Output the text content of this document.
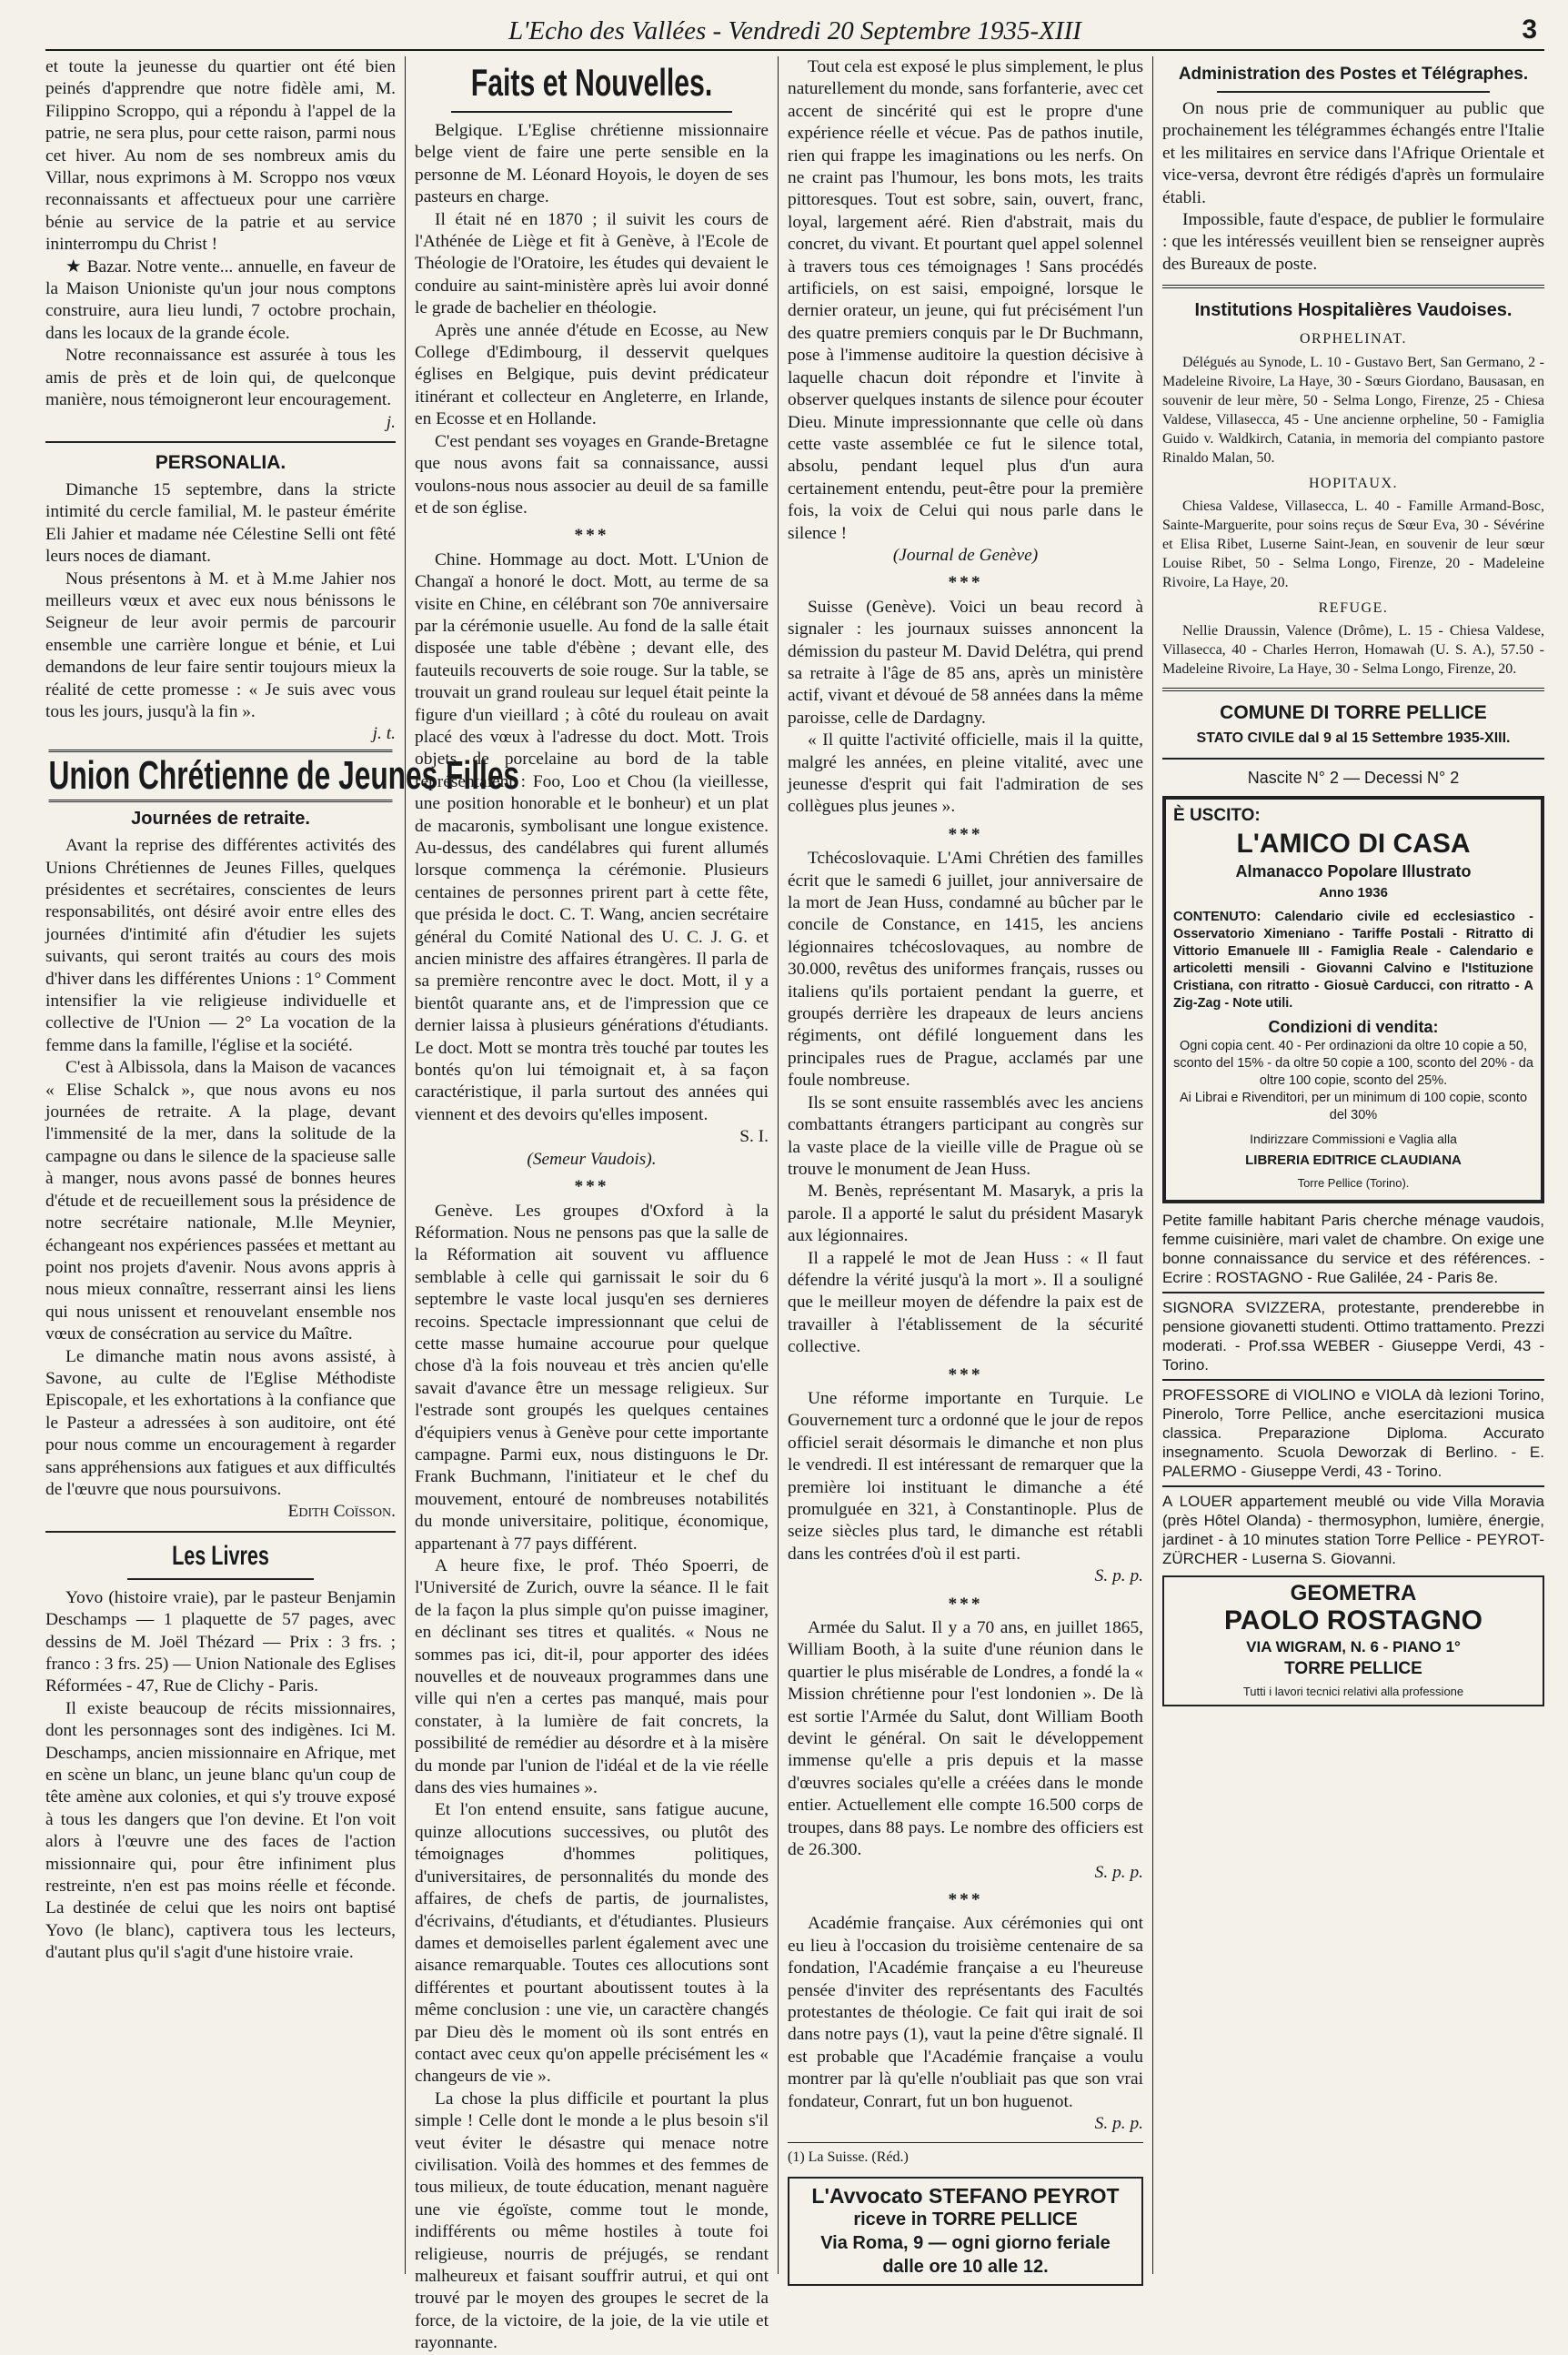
L'Echo des Vallées - Vendredi 20 Septembre 1935-XIII	3

et toute la jeunesse du quartier ont été bien peinés d'apprendre que notre fidèle ami, M. Filippino Scroppo, qui a répondu à l'appel de la patrie, ne sera plus, pour cette raison, parmi nous cet hiver. Au nom de ses nombreux amis du Villar, nous exprimons à M. Scroppo nos vœux reconnaissants et affectueux pour une carrière bénie au service de la patrie et au service ininterrompu du Christ !

★ Bazar. Notre vente... annuelle, en faveur de la Maison Unioniste qu'un jour nous comptons construire, aura lieu lundi, 7 octobre prochain, dans les locaux de la grande école.

Notre reconnaissance est assurée à tous les amis de près et de loin qui, de quelconque manière, nous témoigneront leur encouragement.

j.
PERSONALIA.

Dimanche 15 septembre, dans la stricte intimité du cercle familial, M. le pasteur émérite Eli Jahier et madame née Célestine Selli ont fêté leurs noces de diamant.

Nous présentons à M. et à M.me Jahier nos meilleurs vœux et avec eux nous bénissons le Seigneur de leur avoir permis de parcourir ensemble une carrière longue et bénie, et Lui demandons de leur faire sentir toujours mieux la réalité de cette promesse : « Je suis avec vous tous les jours, jusqu'à la fin ».

j. t.
Union Chrétienne de Jeunes Filles
Journées de retraite.

Avant la reprise des différentes activités des Unions Chrétiennes de Jeunes Filles, quelques présidentes et secrétaires, conscientes de leurs responsabilités, ont désiré avoir entre elles des journées d'intimité afin d'étudier les sujets suivants, qui seront traités au cours des mois d'hiver dans les différentes Unions : 1° Comment intensifier la vie religieuse individuelle et collective de l'Union — 2° La vocation de la femme dans la famille, l'église et la société.

C'est à Albissola, dans la Maison de vacances « Elise Schalck », que nous avons eu nos journées de retraite. A la plage, devant l'immensité de la mer, dans la solitude de la campagne ou dans le silence de la spacieuse salle à manger, nous avons passé de bonnes heures d'étude et de recueillement sous la présidence de notre secrétaire nationale, M.lle Meynier, échangeant nos expériences passées et mettant au point nos projets d'avenir. Nous avons appris à nous mieux connaître, resserrant ainsi les liens qui nous unissent et renouvelant ensemble nos vœux de consécration au service du Maître.

Le dimanche matin nous avons assisté, à Savone, au culte de l'Eglise Méthodiste Episcopale, et les exhortations à la confiance que le Pasteur a adressées à son auditoire, ont été pour nous comme un encouragement à regarder sans appréhensions aux fatigues et aux difficultés de l'œuvre que nous poursuivons.

Edith Coïsson.
Les Livres

Yovo (histoire vraie), par le pasteur Benjamin Deschamps — 1 plaquette de 57 pages, avec dessins de M. Joël Thézard — Prix : 3 frs. ; franco : 3 frs. 25) — Union Nationale des Eglises Réformées - 47, Rue de Clichy - Paris.

Il existe beaucoup de récits missionnaires, dont les personnages sont des indigènes. Ici M. Deschamps, ancien missionnaire en Afrique, met en scène un blanc, un jeune blanc qu'un coup de tête amène aux colonies, et qui s'y trouve exposé à tous les dangers que l'on devine. Et l'on voit alors à l'œuvre une des faces de l'action missionnaire qui, pour être infiniment plus restreinte, n'en est pas moins réelle et féconde. La destinée de celui que les noirs ont baptisé Yovo (le blanc), captivera tous les lecteurs, d'autant plus qu'il s'agit d'une histoire vraie.

Faits et Nouvelles.

Belgique. L'Eglise chrétienne missionnaire belge vient de faire une perte sensible en la personne de M. Léonard Hoyois, le doyen de ses pasteurs en charge.

Il était né en 1870 ; il suivit les cours de l'Athénée de Liège et fit à Genève, à l'Ecole de Théologie de l'Oratoire, les études qui devaient le conduire au saint-ministère après lui avoir donné le grade de bachelier en théologie.

Après une année d'étude en Ecosse, au New College d'Edimbourg, il desservit quelques églises en Belgique, puis devint prédicateur itinérant et collecteur en Angleterre, en Irlande, en Ecosse et en Hollande.

C'est pendant ses voyages en Grande-Bretagne que nous avons fait sa connaissance, aussi voulons-nous nous associer au deuil de sa famille et de son église.

***

Chine. Hommage au doct. Mott. L'Union de Changaï a honoré le doct. Mott, au terme de sa visite en Chine, en célébrant son 70e anniversaire par la cérémonie usuelle. Au fond de la salle était disposée une table d'ébène ; devant elle, des fauteuils recouverts de soie rouge. Sur la table, se trouvait un grand rouleau sur lequel était peinte la figure d'un vieillard ; à côté du rouleau on avait placé des vœux à l'adresse du doct. Mott. Trois objets de porcelaine au bord de la table représentaient : Foo, Loo et Chou (la vieillesse, une position honorable et le bonheur) et un plat de macaronis, symbolisant une longue existence. Au-dessus, des candélabres qui furent allumés lorsque commença la cérémonie. Plusieurs centaines de personnes prirent part à cette fête, que présida le doct. C. T. Wang, ancien secrétaire général du Comité National des U. C. J. G. et ancien ministre des affaires étrangères. Il parla de sa première rencontre avec le doct. Mott, il y a bientôt quarante ans, et de l'impression que ce dernier laissa à plusieurs générations d'étudiants. Le doct. Mott se montra très touché par toutes les bontés qu'on lui témoignait et, à sa façon caractéristique, il parla surtout des années qui viennent et des devoirs qu'elles imposent.

S. I.
(Semeur Vaudois).
***

Genève. Les groupes d'Oxford à la Réformation. Nous ne pensons pas que la salle de la Réformation ait souvent vu affluence semblable à celle qui garnissait le soir du 6 septembre le vaste local jusqu'en ses dernieres recoins. Spectacle impressionnant que celui de cette masse humaine accourue pour quelque chose d'à la fois nouveau et très ancien qu'elle savait d'avance être un message religieux. Sur l'estrade sont groupés les quelques centaines d'équipiers venus à Genève pour cette importante campagne. Parmi eux, nous distinguons le Dr. Frank Buchmann, l'initiateur et le chef du mouvement, entouré de nombreuses notabilités du monde universitaire, politique, économique, appartenant à 77 pays différent.

A heure fixe, le prof. Théo Spoerri, de l'Université de Zurich, ouvre la séance. Il le fait de la façon la plus simple qu'on puisse imaginer, en déclinant ses titres et qualités. « Nous ne sommes pas ici, dit-il, pour apporter des idées nouvelles et de nouveaux programmes dans une ville qui n'en a certes pas manqué, mais pour constater, à la lumière de fait concrets, la possibilité de remédier au désordre et à la misère du monde par l'union de l'idéal et de la vie réelle dans des vies humaines ».

Et l'on entend ensuite, sans fatigue aucune, quinze allocutions successives, ou plutôt des témoignages d'hommes politiques, d'universitaires, de personnalités du monde des affaires, de chefs de partis, de journalistes, d'écrivains, d'étudiants, et d'étudiantes. Plusieurs dames et demoiselles parlent également avec une aisance remarquable. Toutes ces allocutions sont différentes et pourtant aboutissent toutes à la même conclusion : une vie, un caractère changés par Dieu dès le moment où ils sont entrés en contact avec ceux qu'on appelle précisément les « changeurs de vie ».

La chose la plus difficile et pourtant la plus simple ! Celle dont le monde a le plus besoin s'il veut éviter le désastre qui menace notre civilisation. Voilà des hommes et des femmes de tous milieux, de toute éducation, menant naguère une vie égoïste, comme tout le monde, indifférents ou même hostiles à toute foi religieuse, nourris de préjugés, se rendant malheureux et faisant souffrir autrui, et qui ont trouvé par le moyen des groupes le secret de la force, de la victoire, de la joie, de la vie utile et rayonnante.

Tout cela est exposé le plus simplement, le plus naturellement du monde, sans forfanterie, avec cet accent de sincérité qui est le propre d'une expérience réelle et vécue. Pas de pathos inutile, rien qui frappe les imaginations ou les nerfs. On ne craint pas l'humour, les bons mots, les traits pittoresques. Tout est sobre, sain, ouvert, franc, loyal, largement aéré. Rien d'abstrait, mais du concret, du vivant. Et pourtant quel appel solennel à travers tous ces témoignages ! Sans procédés artificiels, on est saisi, empoigné, lorsque le dernier orateur, un jeune, qui fut précisément l'un des quatre premiers conquis par le Dr Buchmann, pose à l'immense auditoire la question décisive à laquelle chacun doit répondre et l'invite à observer quelques instants de silence pour écouter Dieu. Minute impressionnante que celle où dans cette vaste assemblée ce fut le silence total, absolu, pendant lequel plus d'un aura certainement entendu, peut-être pour la première fois, la voix de Celui qui nous parle dans le silence !

(Journal de Genève)
***

Suisse (Genève). Voici un beau record à signaler : les journaux suisses annoncent la démission du pasteur M. David Delétra, qui prend sa retraite à l'âge de 85 ans, après un ministère actif, vivant et dévoué de 58 années dans la même paroisse, celle de Dardagny.

« Il quitte l'activité officielle, mais il la quitte, malgré les années, en pleine vitalité, avec une jeunesse d'esprit qui fait l'admiration de ses collègues plus jeunes ».

***

Tchécoslovaquie. L'Ami Chrétien des familles écrit que le samedi 6 juillet, jour anniversaire de la mort de Jean Huss, condamné au bûcher par le concile de Constance, en 1415, les anciens légionnaires tchécoslovaques, au nombre de 30.000, revêtus des uniformes français, russes ou italiens qu'ils portaient pendant la guerre, et groupés derrière les drapeaux de leurs anciens régiments, ont défilé longuement dans les principales rues de Prague, acclamés par une foule nombreuse.

Ils se sont ensuite rassemblés avec les anciens combattants étrangers participant au congrès sur la vaste place de la vieille ville de Prague où se trouve le monument de Jean Huss.

M. Benès, représentant M. Masaryk, a pris la parole. Il a apporté le salut du président Masaryk aux légionnaires.

Il a rappelé le mot de Jean Huss : « Il faut défendre la vérité jusqu'à la mort ». Il a souligné que le meilleur moyen de défendre la paix est de travailler à l'établissement de la sécurité collective.

***

Une réforme importante en Turquie. Le Gouvernement turc a ordonné que le jour de repos officiel serait désormais le dimanche et non plus le vendredi. Il est intéressant de remarquer que la première loi instituant le dimanche a été promulguée en 321, à Constantinople. Plus de seize siècles plus tard, le dimanche est rétabli dans les contrées d'où il est parti.

S. p. p.
***

Armée du Salut. Il y a 70 ans, en juillet 1865, William Booth, à la suite d'une réunion dans le quartier le plus misérable de Londres, a fondé la « Mission chrétienne pour l'est londonien ». De là est sortie l'Armée du Salut, dont William Booth devint le général. On sait le développement immense qu'elle a pris depuis et la masse d'œuvres sociales qu'elle a créées dans le monde entier. Actuellement elle compte 16.500 corps de troupes, dans 88 pays. Le nombre des officiers est de 26.300.

S. p. p.
***

Académie française. Aux cérémonies qui ont eu lieu à l'occasion du troisième centenaire de sa fondation, l'Académie française a eu l'heureuse pensée d'inviter des représentants des Facultés protestantes de théologie. Ce fait qui irait de soi dans notre pays (1), vaut la peine d'être signalé. Il est probable que l'Académie française a voulu montrer par là qu'elle n'oubliait pas que son vrai fondateur, Conrart, fut un bon huguenot.

S. p. p.
(1) La Suisse. (Réd.)
L'Avvocato STEFANO PEYROT
riceve in TORRE PELLICE
Via Roma, 9 — ogni giorno feriale
dalle ore 10 alle 12.
Administration des Postes et Télégraphes.

On nous prie de communiquer au public que prochainement les télégrammes échangés entre l'Italie et les militaires en service dans l'Afrique Orientale et vice-versa, devront être rédigés d'après un formulaire établi.

Impossible, faute d'espace, de publier le formulaire : que les intéressés veuillent bien se renseigner auprès des Bureaux de poste.

Institutions Hospitalières Vaudoises.
ORPHELINAT.

Délégués au Synode, L. 10 - Gustavo Bert, San Germano, 2 - Madeleine Rivoire, La Haye, 30 - Sœurs Giordano, Bausasan, en souvenir de leur mère, 50 - Selma Longo, Firenze, 25 - Chiesa Valdese, Villasecca, 45 - Une ancienne orpheline, 50 - Famiglia Guido v. Waldkirch, Catania, in memoria del compianto pastore Rinaldo Malan, 50.

HOPITAUX.

Chiesa Valdese, Villasecca, L. 40 - Famille Armand-Bosc, Sainte-Marguerite, pour soins reçus de Sœur Eva, 30 - Sévérine et Elisa Ribet, Luserne Saint-Jean, en souvenir de leur sœur Louise Ribet, 50 - Selma Longo, Firenze, 20 - Madeleine Rivoire, La Haye, 20.

REFUGE.

Nellie Draussin, Valence (Drôme), L. 15 - Chiesa Valdese, Villasecca, 40 - Charles Herron, Homawah (U. S. A.), 57.50 - Madeleine Rivoire, La Haye, 30 - Selma Longo, Firenze, 20.

COMUNE DI TORRE PELLICE
STATO CIVILE dal 9 al 15 Settembre 1935-XIII.
Nascite N° 2 — Decessi N° 2
È USCITO:
L'AMICO DI CASA
Almanacco Popolare Illustrato
Anno 1936

CONTENUTO: Calendario civile ed ecclesiastico - Osservatorio Ximeniano - Tariffe Postali - Ritratto di Vittorio Emanuele III - Famiglia Reale - Calendario e articoletti mensili - Giovanni Calvino e l'Istituzione Cristiana, con ritratto - Giosuè Carducci, con ritratto - A Zig-Zag - Note utili.

Condizioni di vendita:

Ogni copia cent. 40 - Per ordinazioni da oltre 10 copie a 50, sconto del 15% - da oltre 50 copie a 100, sconto del 20% - da oltre 100 copie, sconto del 25%.

Ai Librai e Rivenditori, per un minimum di 100 copie, sconto del 30%

Indirizzare Commissioni e Vaglia alla
LIBRERIA EDITRICE CLAUDIANA
Torre Pellice (Torino).

Petite famille habitant Paris cherche ménage vaudois, femme cuisinière, mari valet de chambre. On exige une bonne connaissance du service et des références. - Ecrire : ROSTAGNO - Rue Galilée, 24 - Paris 8e.

SIGNORA SVIZZERA, protestante, prenderebbe in pensione giovanetti studenti. Ottimo trattamento. Prezzi moderati. - Prof.ssa WEBER - Giuseppe Verdi, 43 - Torino.

PROFESSORE di VIOLINO e VIOLA dà lezioni Torino, Pinerolo, Torre Pellice, anche esercitazioni musica classica. Preparazione Diploma. Accurato insegnamento. Scuola Deworzak di Berlino. - E. PALERMO - Giuseppe Verdi, 43 - Torino.

A LOUER appartement meublé ou vide Villa Moravia (près Hôtel Olanda) - thermosyphon, lumière, énergie, jardinet - à 10 minutes station Torre Pellice - PEYROT-ZÜRCHER - Luserna S. Giovanni.

GEOMETRA
PAOLO ROSTAGNO
VIA WIGRAM, N. 6 - PIANO 1°
TORRE PELLICE
Tutti i lavori tecnici relativi alla professione
